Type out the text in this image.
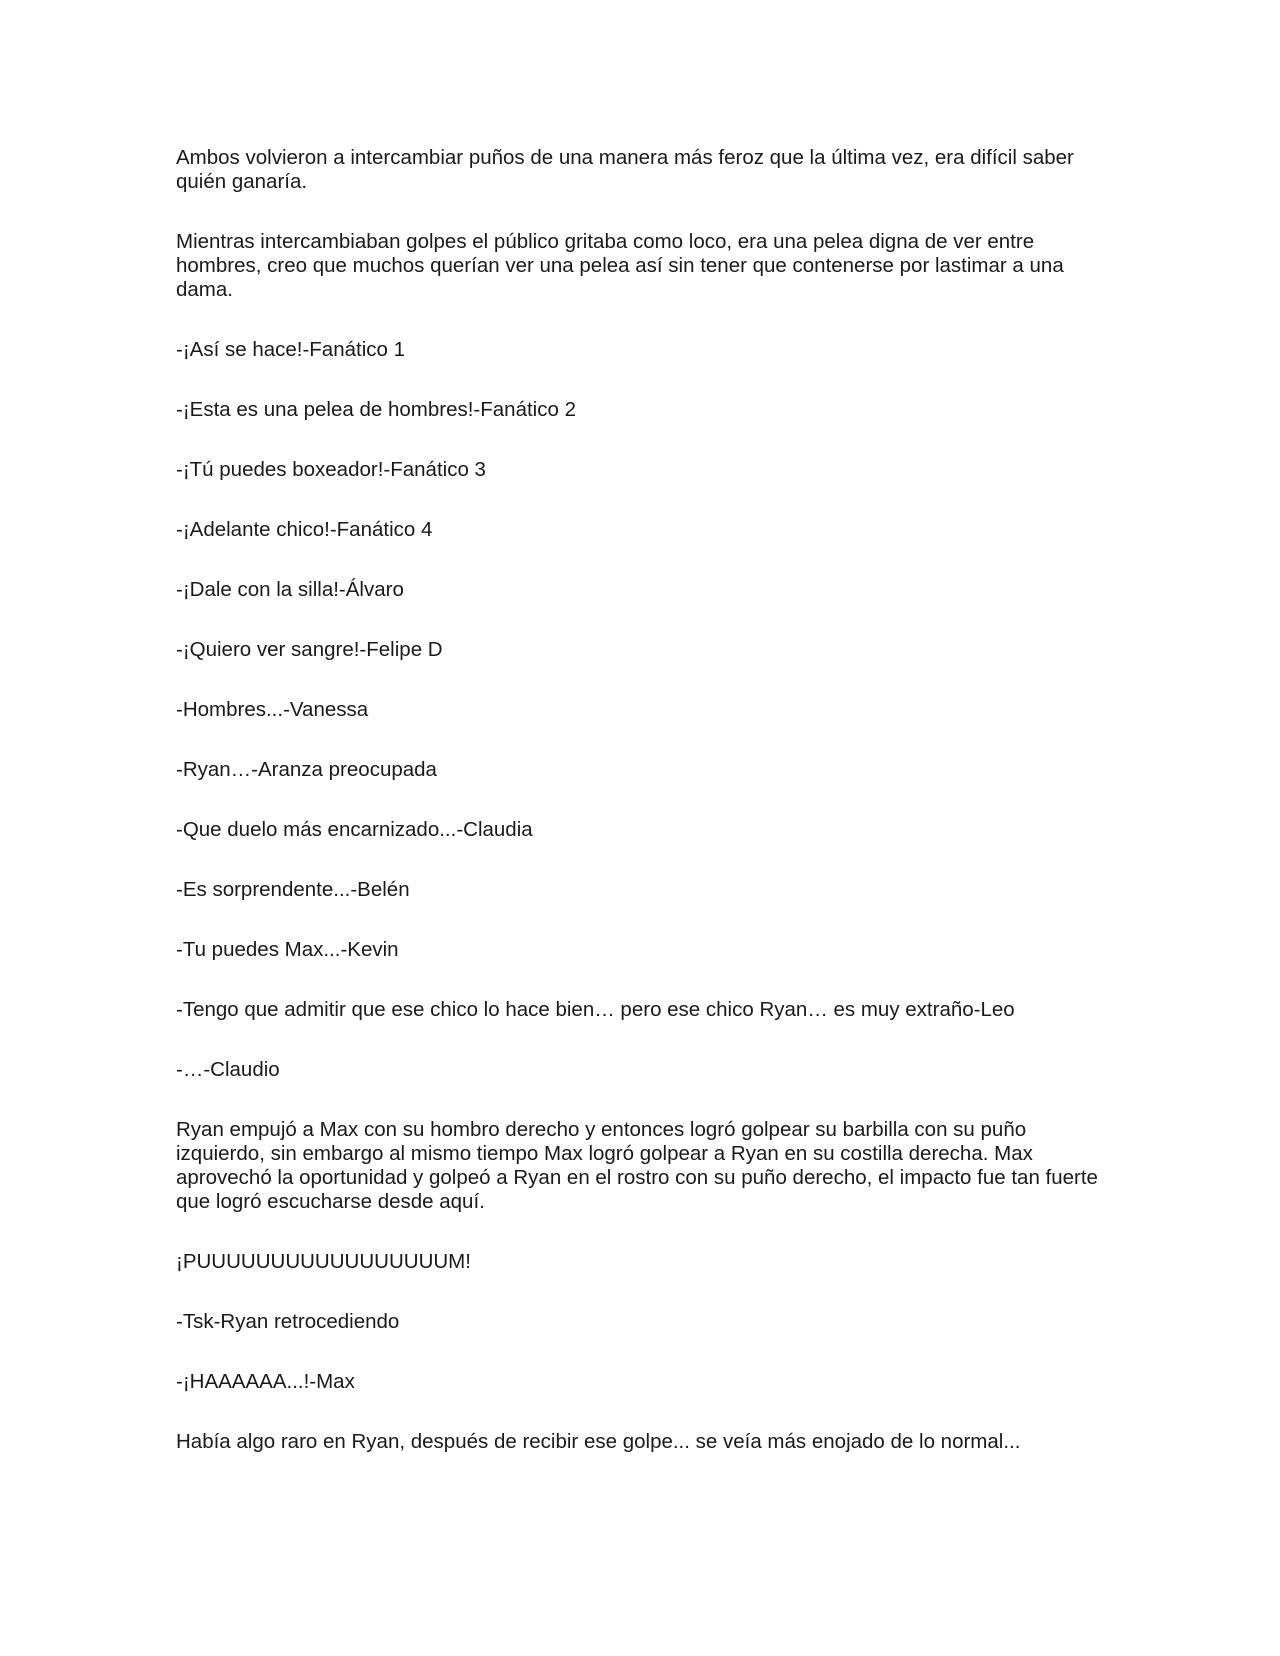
Ambos volvieron a intercambiar puños de una manera más feroz que la última vez, era difícil saber quién ganaría.

Mientras intercambiaban golpes el público gritaba como loco, era una pelea digna de ver entre hombres, creo que muchos querían ver una pelea así sin tener que contenerse por lastimar a una dama.

-¡Así se hace!-Fanático 1

-¡Esta es una pelea de hombres!-Fanático 2

-¡Tú puedes boxeador!-Fanático 3

-¡Adelante chico!-Fanático 4

-¡Dale con la silla!-Álvaro

-¡Quiero ver sangre!-Felipe D

-Hombres...-Vanessa

-Ryan…-Aranza preocupada

-Que duelo más encarnizado...-Claudia

-Es sorprendente...-Belén

-Tu puedes Max...-Kevin

-Tengo que admitir que ese chico lo hace bien… pero ese chico Ryan… es muy extraño-Leo

-…-Claudio

Ryan empujó a Max con su hombro derecho y entonces logró golpear su barbilla con su puño izquierdo, sin embargo al mismo tiempo Max logró golpear a Ryan en su costilla derecha. Max aprovechó la oportunidad y golpeó a Ryan en el rostro con su puño derecho, el impacto fue tan fuerte que logró escucharse desde aquí.

¡PUUUUUUUUUUUUUUUUUM!

-Tsk-Ryan retrocediendo

-¡HAAAAAA...!-Max

Había algo raro en Ryan, después de recibir ese golpe... se veía más enojado de lo normal...
